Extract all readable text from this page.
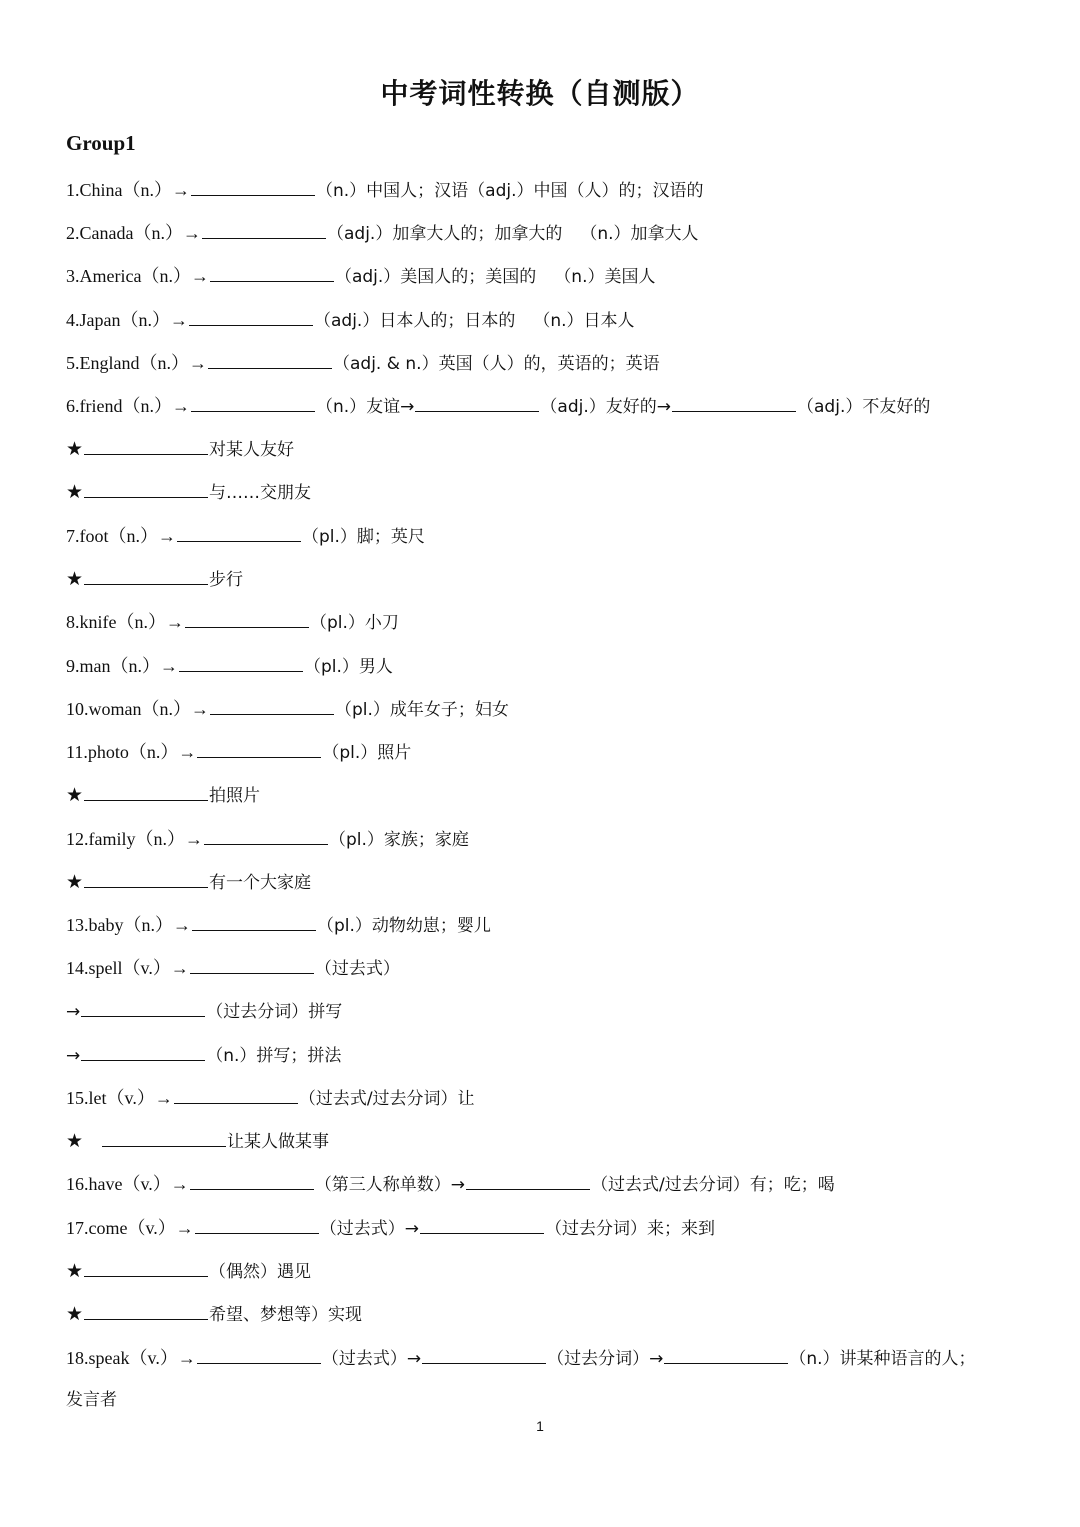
中考词性转换（自测版）
Group1
1.China（n.）→	（n.）中国人；汉语（adj.）中国（人）的；汉语的
2.Canada（n.）→	（adj.）加拿大人的；加拿大的 （n.）加拿大人
3.America（n.）→	（adj.）美国人的；美国的 （n.）美国人
4.Japan（n.）→	（adj.）日本人的；日本的 （n.）日本人
5.England（n.）→	（adj. & n.）英国（人）的，英语的；英语
6.friend（n.）→	（n.）友谊→	（adj.）友好的→	（adj.）不友好的
★	对某人友好
★	与……交朋友
7.foot（n.）→	（pl.）脚；英尺
★	步行
8.knife（n.）→	（pl.）小刀
9.man（n.）→	（pl.）男人
10.woman（n.）→	（pl.）成年女子；妇女
11.photo（n.）→	（pl.）照片
★	拍照片
12.family（n.）→	（pl.）家族；家庭
★	有一个大家庭
13.baby（n.）→	（pl.）动物幼崽；婴儿
14.spell（v.）→	（过去式）
→	（过去分词）拼写
→	（n.）拼写；拼法
15.let（v.）→	（过去式/过去分词）让
★	让某人做某事
16.have（v.）→	（第三人称单数）→	（过去式/过去分词）有；吃；喝
17.come（v.）→	（过去式）→	（过去分词）来；来到
★	（偶然）遇见
★	希望、梦想等）实现
18.speak（v.）→	（过去式）→	（过去分词）→	（n.）讲某种语言的人；
发言者
1
